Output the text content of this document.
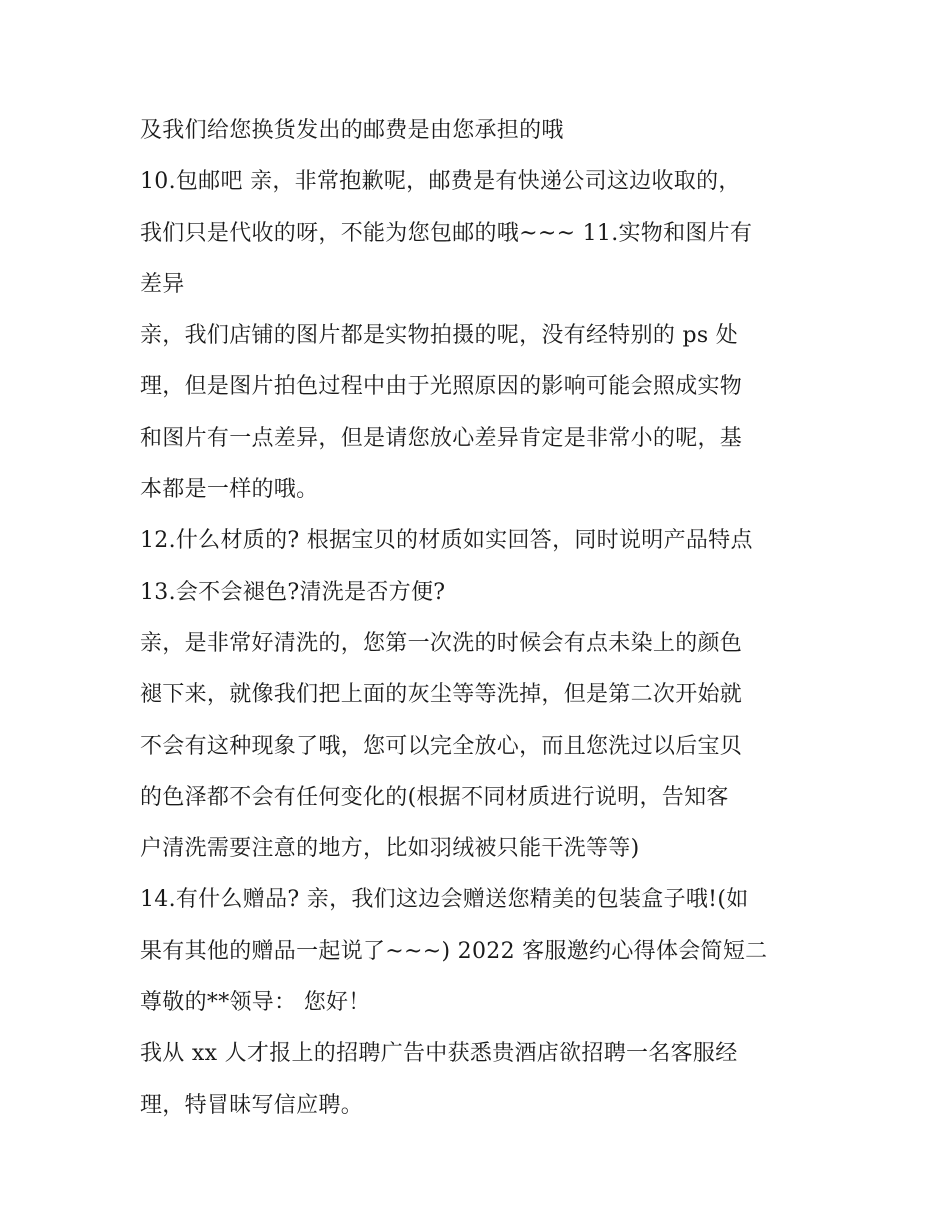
及我们给您换货发出的邮费是由您承担的哦
10.包邮吧 亲，非常抱歉呢，邮费是有快递公司这边收取的，
我们只是代收的呀，不能为您包邮的哦~~~ 11.实物和图片有
差异
亲，我们店铺的图片都是实物拍摄的呢，没有经特别的 ps 处
理，但是图片拍色过程中由于光照原因的影响可能会照成实物
和图片有一点差异，但是请您放心差异肯定是非常小的呢，基
本都是一样的哦。
12.什么材质的? 根据宝贝的材质如实回答，同时说明产品特点
13.会不会褪色?清洗是否方便?
亲，是非常好清洗的，您第一次洗的时候会有点未染上的颜色
褪下来，就像我们把上面的灰尘等等洗掉，但是第二次开始就
不会有这种现象了哦，您可以完全放心，而且您洗过以后宝贝
的色泽都不会有任何变化的(根据不同材质进行说明，告知客
户清洗需要注意的地方，比如羽绒被只能干洗等等)
14.有什么赠品? 亲，我们这边会赠送您精美的包装盒子哦!(如
果有其他的赠品一起说了~~~) 2022 客服邀约心得体会简短二
尊敬的**领导： 您好！
我从 xx 人才报上的招聘广告中获悉贵酒店欲招聘一名客服经
理，特冒昧写信应聘。
